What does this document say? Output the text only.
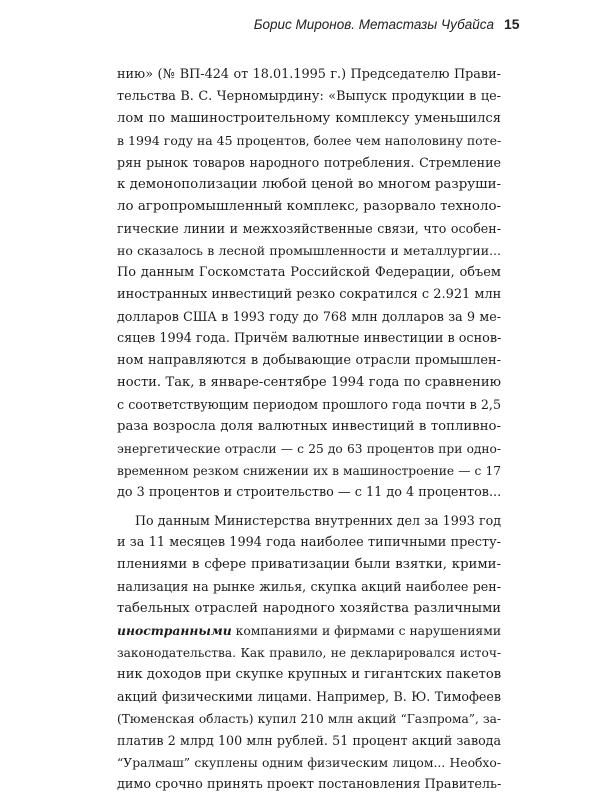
Борис Миронов. Метастазы Чубайса 15
нию» (№ ВП-424 от 18.01.1995 г.) Председателю Прави-
тельства В. С. Черномырдину: «Выпуск продукции в це-
лом по машиностроительному комплексу уменьшился
в 1994 году на 45 процентов, более чем наполовину поте-
рян рынок товаров народного потребления. Стремление
к демонополизации любой ценой во многом разруши-
ло агропромышленный комплекс, разорвало техноло-
гические линии и межхозяйственные связи, что особен-
но сказалось в лесной промышленности и металлургии...
По данным Госкомстата Российской Федерации, объем
иностранных инвестиций резко сократился с 2.921 млн
долларов США в 1993 году до 768 млн долларов за 9 ме-
сяцев 1994 года. Причём валютные инвестиции в основ-
ном направляются в добывающие отрасли промышлен-
ности. Так, в январе-сентябре 1994 года по сравнению
с соответствующим периодом прошлого года почти в 2,5
раза возросла доля валютных инвестиций в топливно-
энергетические отрасли — с 25 до 63 процентов при одно-
временном резком снижении их в машиностроение — с 17
до 3 процентов и строительство — с 11 до 4 процентов...
По данным Министерства внутренних дел за 1993 год
и за 11 месяцев 1994 года наиболее типичными престу-
плениями в сфере приватизации были взятки, крими-
нализация на рынке жилья, скупка акций наиболее рен-
табельных отраслей народного хозяйства различными
иностранными компаниями и фирмами с нарушениями
законодательства. Как правило, не декларировался источ-
ник доходов при скупке крупных и гигантских пакетов
акций физическими лицами. Например, В. Ю. Тимофеев
(Тюменская область) купил 210 млн акций “Газпрома”, за-
платив 2 млрд 100 млн рублей. 51 процент акций завода
“Уралмаш” скуплены одним физическим лицом... Необхо-
димо срочно принять проект постановления Правитель-
